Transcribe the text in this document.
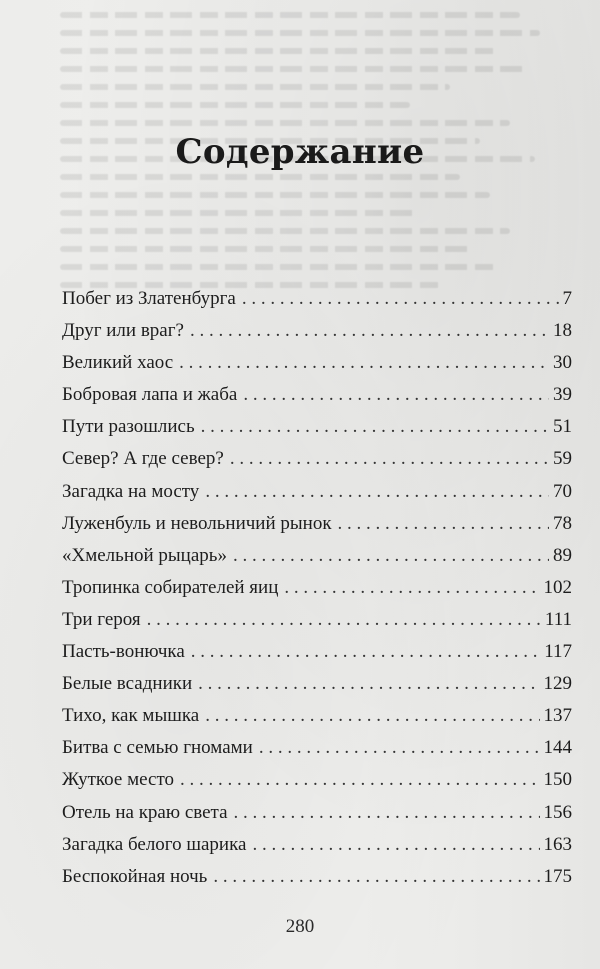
Содержание
Побег из Златенбурга . . .	7
Друг или враг? . . .	18
Великий хаос . . .	30
Бобровая лапа и жаба . . .	39
Пути разошлись . . .	51
Север? А где север? . . .	59
Загадка на мосту . . .	70
Луженбуль и невольничий рынок . . .	78
«Хмельной рыцарь» . . .	89
Тропинка собирателей яиц . . .	102
Три героя . . .	111
Пасть-вонючка . . .	117
Белые всадники . . .	129
Тихо, как мышка . . .	137
Битва с семью гномами . . .	144
Жуткое место . . .	150
Отель на краю света . . .	156
Загадка белого шарика . . .	163
Беспокойная ночь . . .	175
280
